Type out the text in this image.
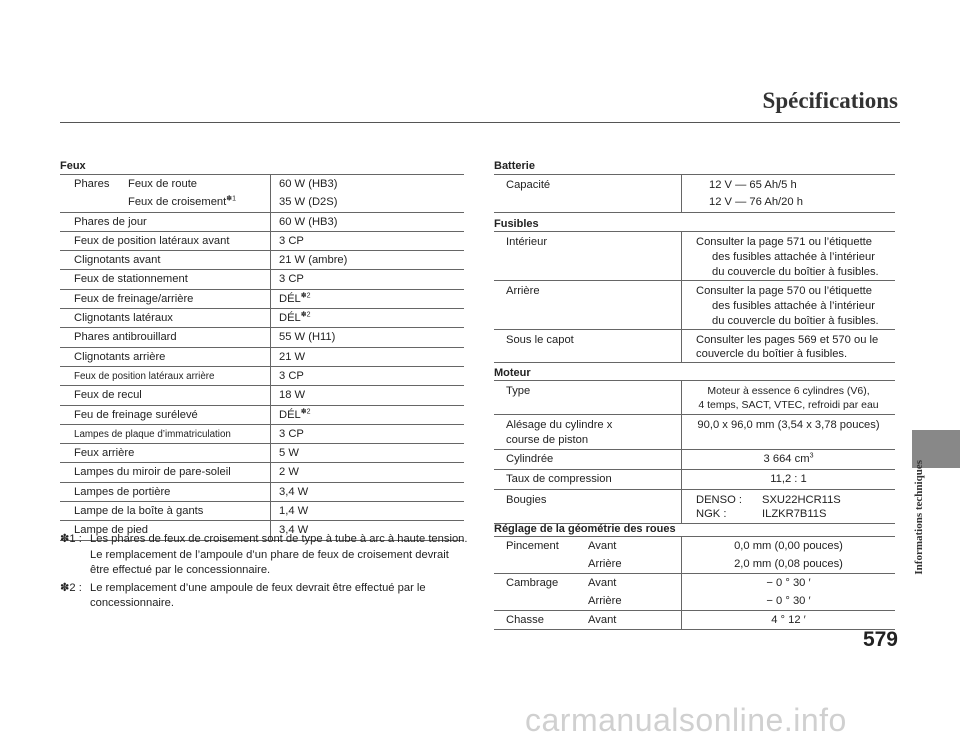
Spécifications
Informations techniques
Feux
Phares Feux de route	60 W (HB3)
Feux de croisement$^{✽1}$	35 W (D2S)
Phares de jour	60 W (HB3)
Feux de position latéraux avant	3 CP
Clignotants avant	21 W (ambre)
Feux de stationnement	3 CP
Feux de freinage/arrière	$DÉL^{✽2}$
Clignotants latéraux	$DÉL^{✽2}$
Phares antibrouillard	55 W (H11)
Clignotants arrière	21 W
Feux de position latéraux arrière	3 CP
Feux de recul	18 W
Feu de freinage surélevé	$DÉL^{✽2}$
Lampes de plaque d’immatriculation	3 CP
Feux arrière	5 W
Lampes du miroir de pare-soleil	2 W
Lampes de portière	3,4 W
Lampe de la boîte à gants	1,4 W
Lampe de pied	3,4 W
✽1 : Les phares de feux de croisement sont de type à tube à arc à haute tension. Le remplacement de l’ampoule d’un phare de feux de croisement devrait être effectué par le concessionnaire.
✽2 : Le remplacement d’une ampoule de feux devrait être effectué par le concessionnaire.
Batterie
Capacité	12 V — 65 Ah/5 h
12 V — 76 Ah/20 h
Fusibles
Intérieur	Consulter la page 571 ou l’étiquette
des fusibles attachée à l’intérieur
du couvercle du boîtier à fusibles.
Arrière	Consulter la page 570 ou l’étiquette
des fusibles attachée à l’intérieur
du couvercle du boîtier à fusibles.
Sous le capot	Consulter les pages 569 et 570 ou le
couvercle du boîtier à fusibles.
Moteur
Type	Moteur à essence 6 cylindres (V6),
4 temps, SACT, VTEC, refroidi par eau
Alésage du cylindre x
course de piston
90,0 x 96,0 mm (3,54 x 3,78 pouces)
Cylindrée	3 664 $cm^3$
Taux de compression	11,2 : 1
Bougies	DENSO : SXU22HCR11S
NGK :	ILZKR7B11S
Réglage de la géométrie des roues
Pincement	Avant	0,0 mm (0,00 pouces)
Arrière	2,0 mm (0,08 pouces)
Cambrage	Avant	− 0 ° 30 ′
Arrière	− 0 ° 30 ′
Chasse	Avant	4 ° 12 ′
579
carmanualsonline.info
